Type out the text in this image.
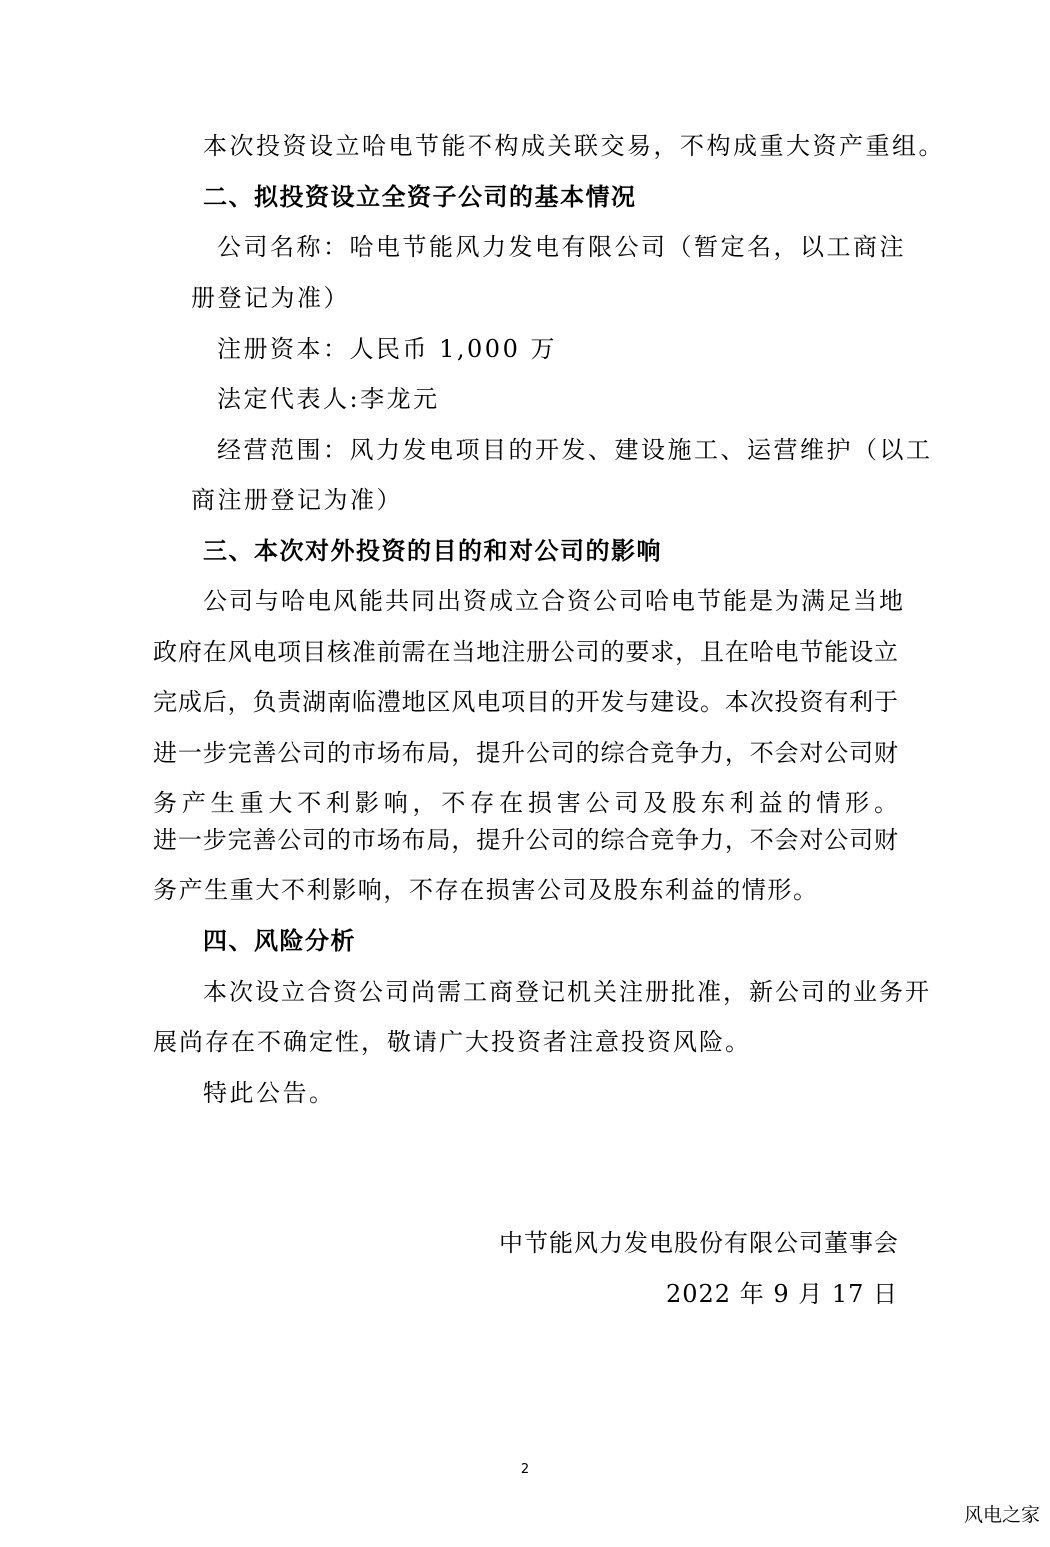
本次投资设立哈电节能不构成关联交易，不构成重大资产重组。
二、拟投资设立全资子公司的基本情况
公司名称：哈电节能风力发电有限公司（暂定名，以工商注
册登记为准）
注册资本：人民币 1,000 万
法定代表人:李龙元
经营范围：风力发电项目的开发、建设施工、运营维护（以工
商注册登记为准）
三、本次对外投资的目的和对公司的影响
公司与哈电风能共同出资成立合资公司哈电节能是为满足当地
政府在风电项目核准前需在当地注册公司的要求，且在哈电节能设立
完成后，负责湖南临澧地区风电项目的开发与建设。本次投资有利于
进一步完善公司的市场布局，提升公司的综合竞争力，不会对公司财
务产生重大不利影响，不存在损害公司及股东利益的情形。
进一步完善公司的市场布局，提升公司的综合竞争力，不会对公司财
务产生重大不利影响，不存在损害公司及股东利益的情形。
四、风险分析
本次设立合资公司尚需工商登记机关注册批准，新公司的业务开
展尚存在不确定性，敬请广大投资者注意投资风险。
特此公告。
中节能风力发电股份有限公司董事会
2022 年 9 月 17 日
2
风电之家
